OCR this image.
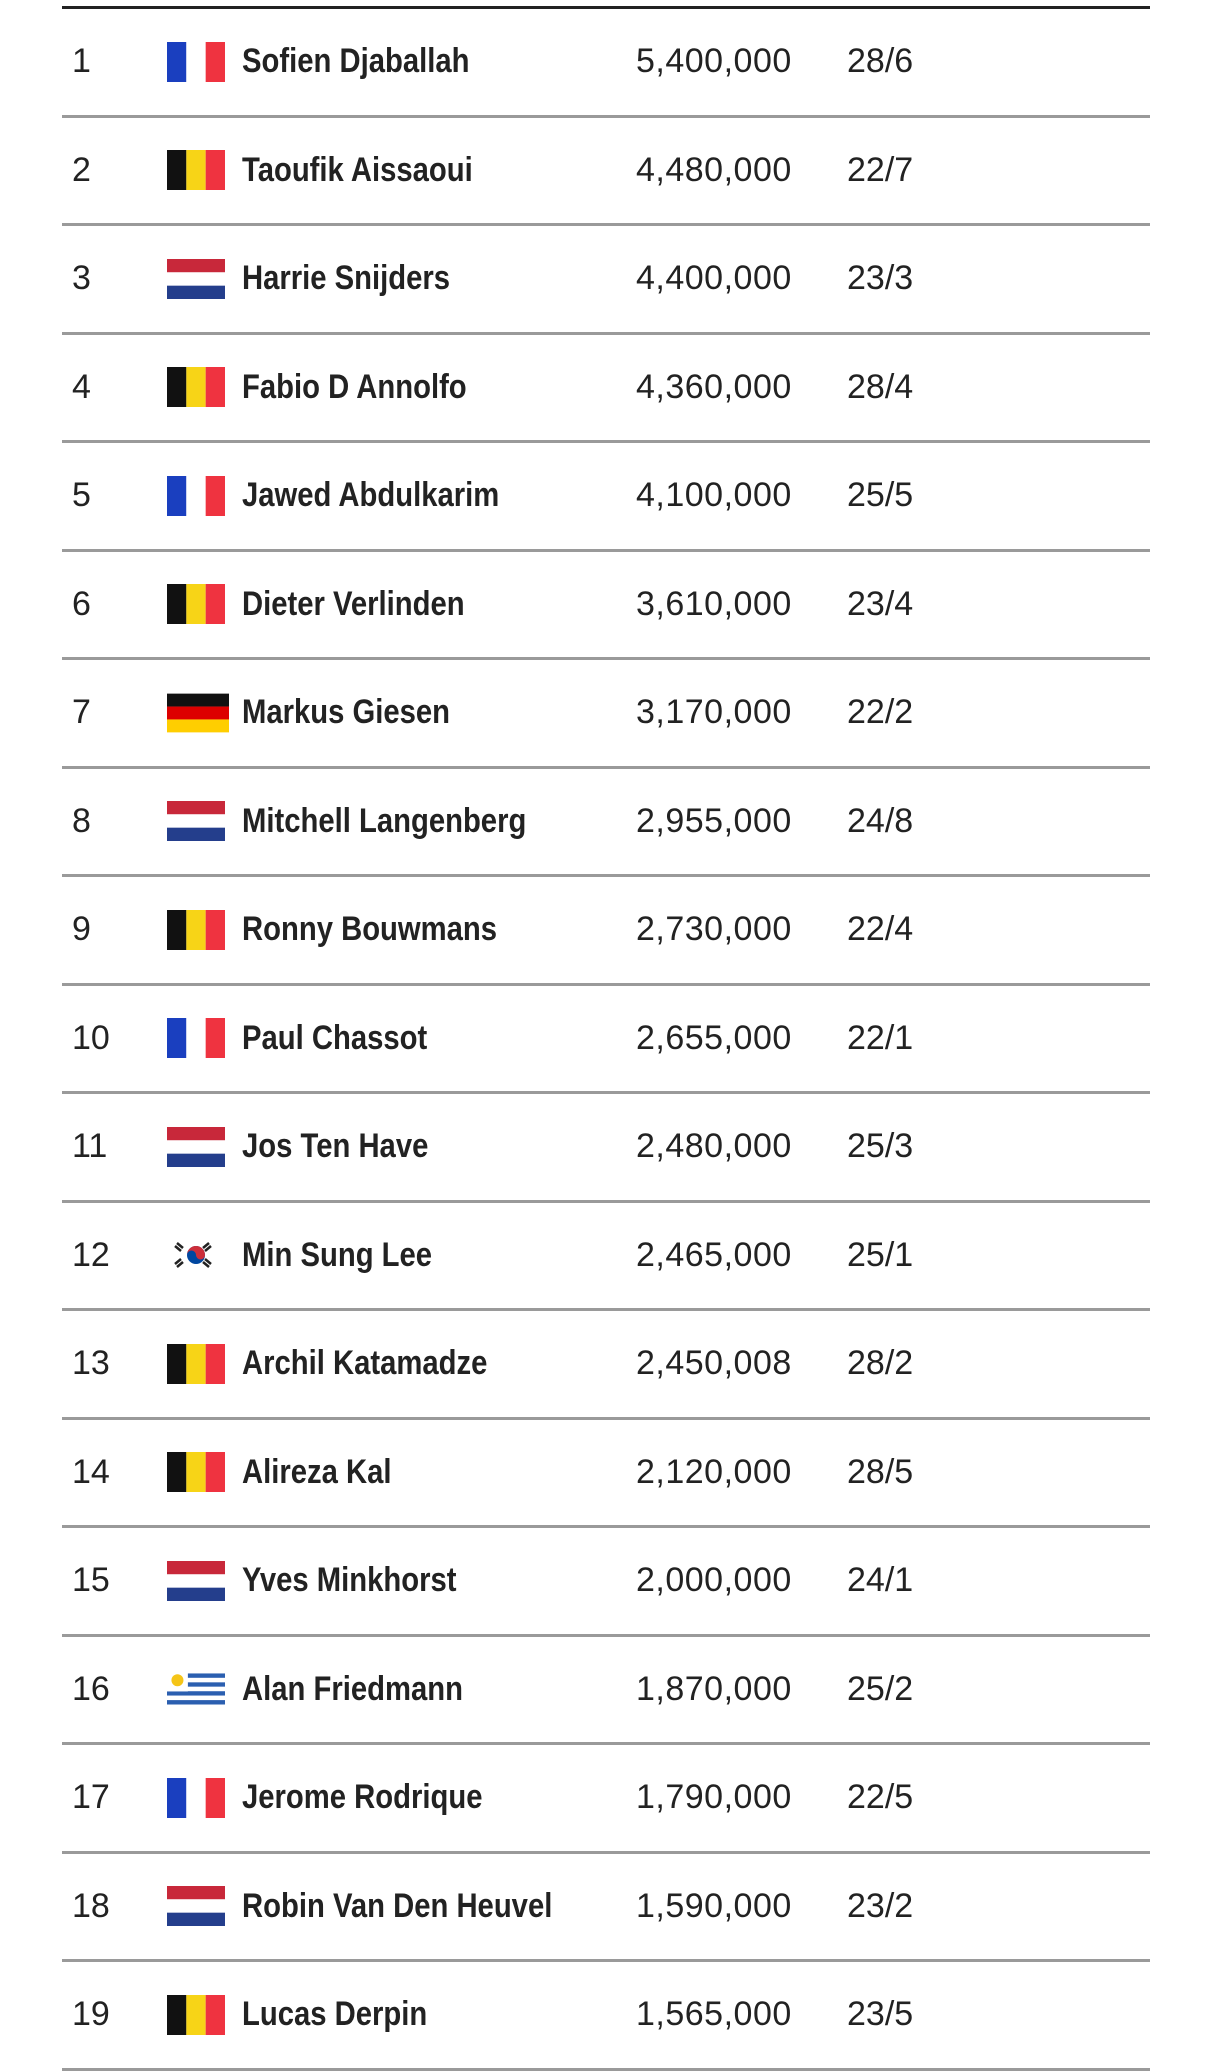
1	Sofien Djaballah	5,400,000	28/6
2	Taoufik Aissaoui	4,480,000	22/7
3	Harrie Snijders	4,400,000	23/3
4	Fabio D Annolfo	4,360,000	28/4
5	Jawed Abdulkarim	4,100,000	25/5
6	Dieter Verlinden	3,610,000	23/4
7	Markus Giesen	3,170,000	22/2
8	Mitchell Langenberg	2,955,000	24/8
9	Ronny Bouwmans	2,730,000	22/4
10	Paul Chassot	2,655,000	22/1
11	Jos Ten Have	2,480,000	25/3
12	Min Sung Lee	2,465,000	25/1
13	Archil Katamadze	2,450,008	28/2
14	Alireza Kal	2,120,000	28/5
15	Yves Minkhorst	2,000,000	24/1
16	Alan Friedmann	1,870,000	25/2
17	Jerome Rodrique	1,790,000	22/5
18	Robin Van Den Heuvel 1,590,000	23/2
19	Lucas Derpin	1,565,000	23/5
